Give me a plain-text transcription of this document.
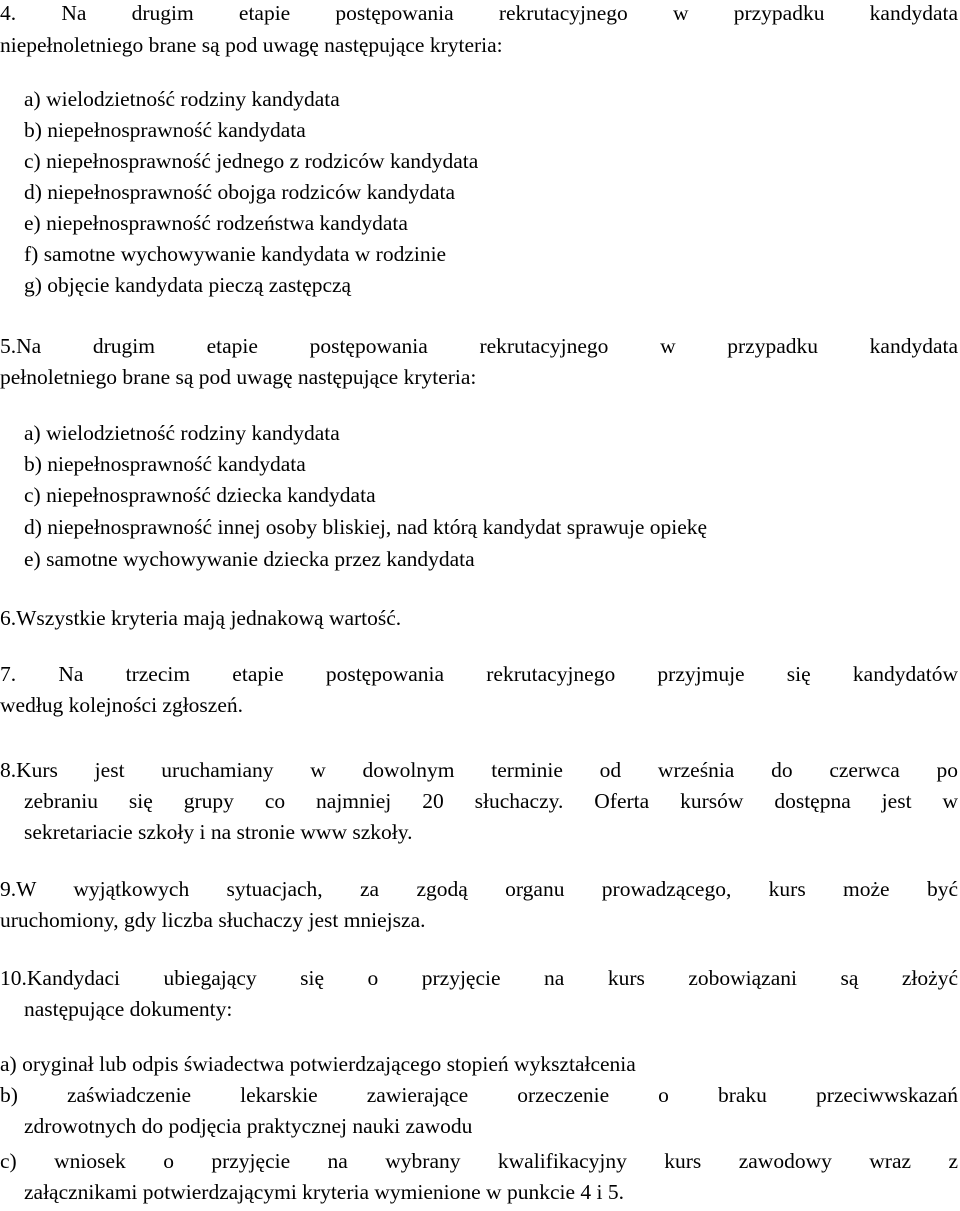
4. Na drugim etapie postępowania rekrutacyjnego w przypadku kandydata
niepełnoletniego brane są pod uwagę następujące kryteria:
a) wielodzietność rodziny kandydata
b) niepełnosprawność kandydata
c) niepełnosprawność jednego z rodziców kandydata
d) niepełnosprawność obojga rodziców kandydata
e) niepełnosprawność rodzeństwa kandydata
f) samotne wychowywanie kandydata w rodzinie
g) objęcie kandydata pieczą zastępczą
5.Na drugim etapie postępowania rekrutacyjnego w przypadku kandydata
pełnoletniego brane są pod uwagę następujące kryteria:
a) wielodzietność rodziny kandydata
b) niepełnosprawność kandydata
c) niepełnosprawność dziecka kandydata
d) niepełnosprawność innej osoby bliskiej, nad którą kandydat sprawuje opiekę
e) samotne wychowywanie dziecka przez kandydata
6.Wszystkie kryteria mają jednakową wartość.
7. Na trzecim etapie postępowania rekrutacyjnego przyjmuje się kandydatów
według kolejności zgłoszeń.
8.Kurs jest uruchamiany w dowolnym terminie od września do czerwca po
zebraniu się grupy co najmniej 20 słuchaczy. Oferta kursów dostępna jest w
sekretariacie szkoły i na stronie www szkoły.
9.W wyjątkowych sytuacjach, za zgodą organu prowadzącego, kurs może być
uruchomiony, gdy liczba słuchaczy jest mniejsza.
10.Kandydaci ubiegający się o przyjęcie na kurs zobowiązani są złożyć
następujące dokumenty:
a) oryginał lub odpis świadectwa potwierdzającego stopień wykształcenia
b) zaświadczenie lekarskie zawierające orzeczenie o braku przeciwwskazań
zdrowotnych do podjęcia praktycznej nauki zawodu
c) wniosek o przyjęcie na wybrany kwalifikacyjny kurs zawodowy wraz z
załącznikami potwierdzającymi kryteria wymienione w punkcie 4 i 5.
